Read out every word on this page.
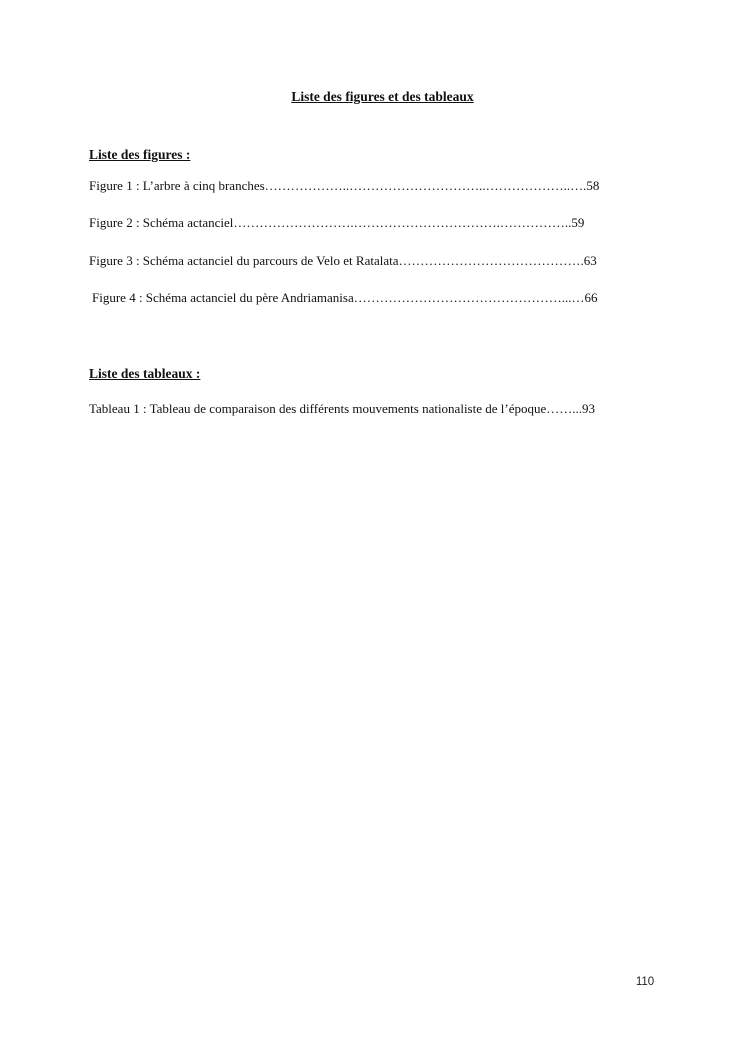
Liste des figures et des tableaux
Liste des figures :
Figure 1 : L’arbre à cinq branches………………..…………………………..………………..….58
Figure 2 : Schéma actanciel……………………….…………………………….……………..59
Figure 3 : Schéma actanciel du parcours de Velo et Ratalata…………………………………….63
Figure 4 : Schéma actanciel du père Andriamanisa…………………………………………...…66
Liste des tableaux :
Tableau 1 : Tableau de comparaison des différents mouvements nationaliste de l’époque……...93
110
